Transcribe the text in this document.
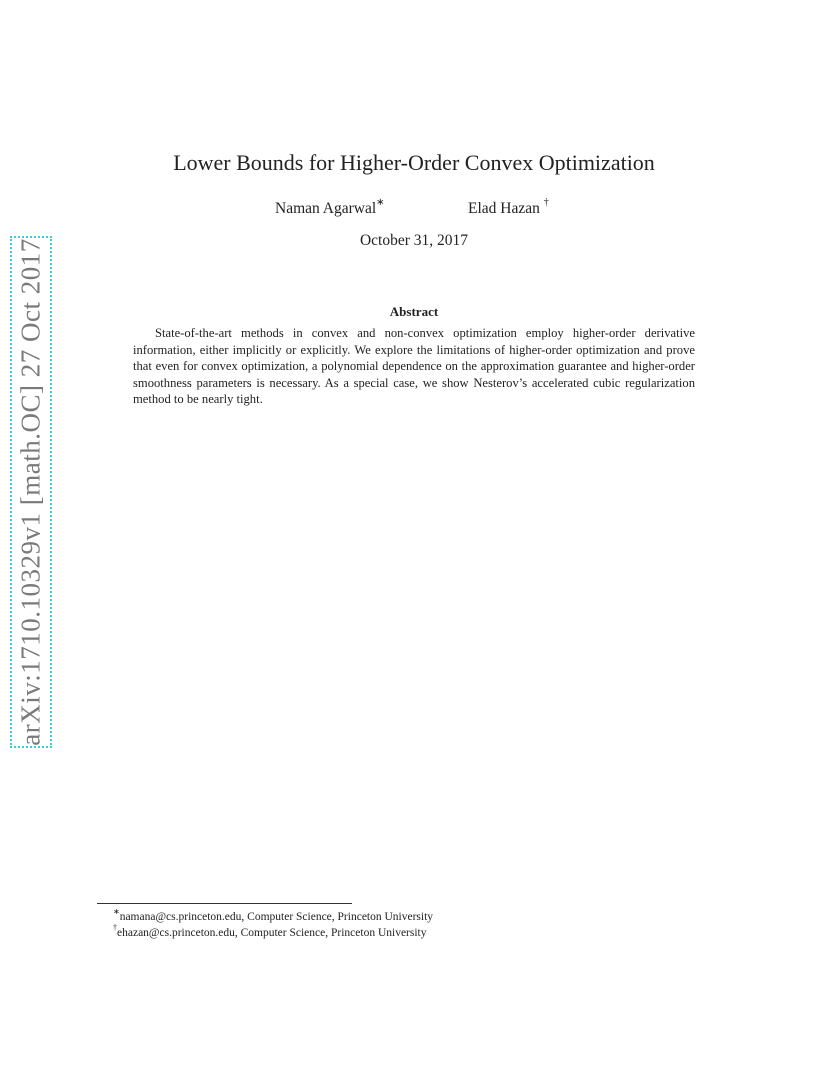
arXiv:1710.10329v1 [math.OC] 27 Oct 2017
Lower Bounds for Higher-Order Convex Optimization
Naman Agarwal∗	Elad Hazan †
October 31, 2017
Abstract
State-of-the-art methods in convex and non-convex optimization employ higher-order derivative information, either implicitly or explicitly. We explore the limitations of higher-order optimization and prove that even for convex optimization, a polynomial dependence on the approximation guarantee and higher-order smoothness parameters is necessary. As a special case, we show Nesterov’s accelerated cubic regularization method to be nearly tight.
∗namana@cs.princeton.edu, Computer Science, Princeton University
†ehazan@cs.princeton.edu, Computer Science, Princeton University
